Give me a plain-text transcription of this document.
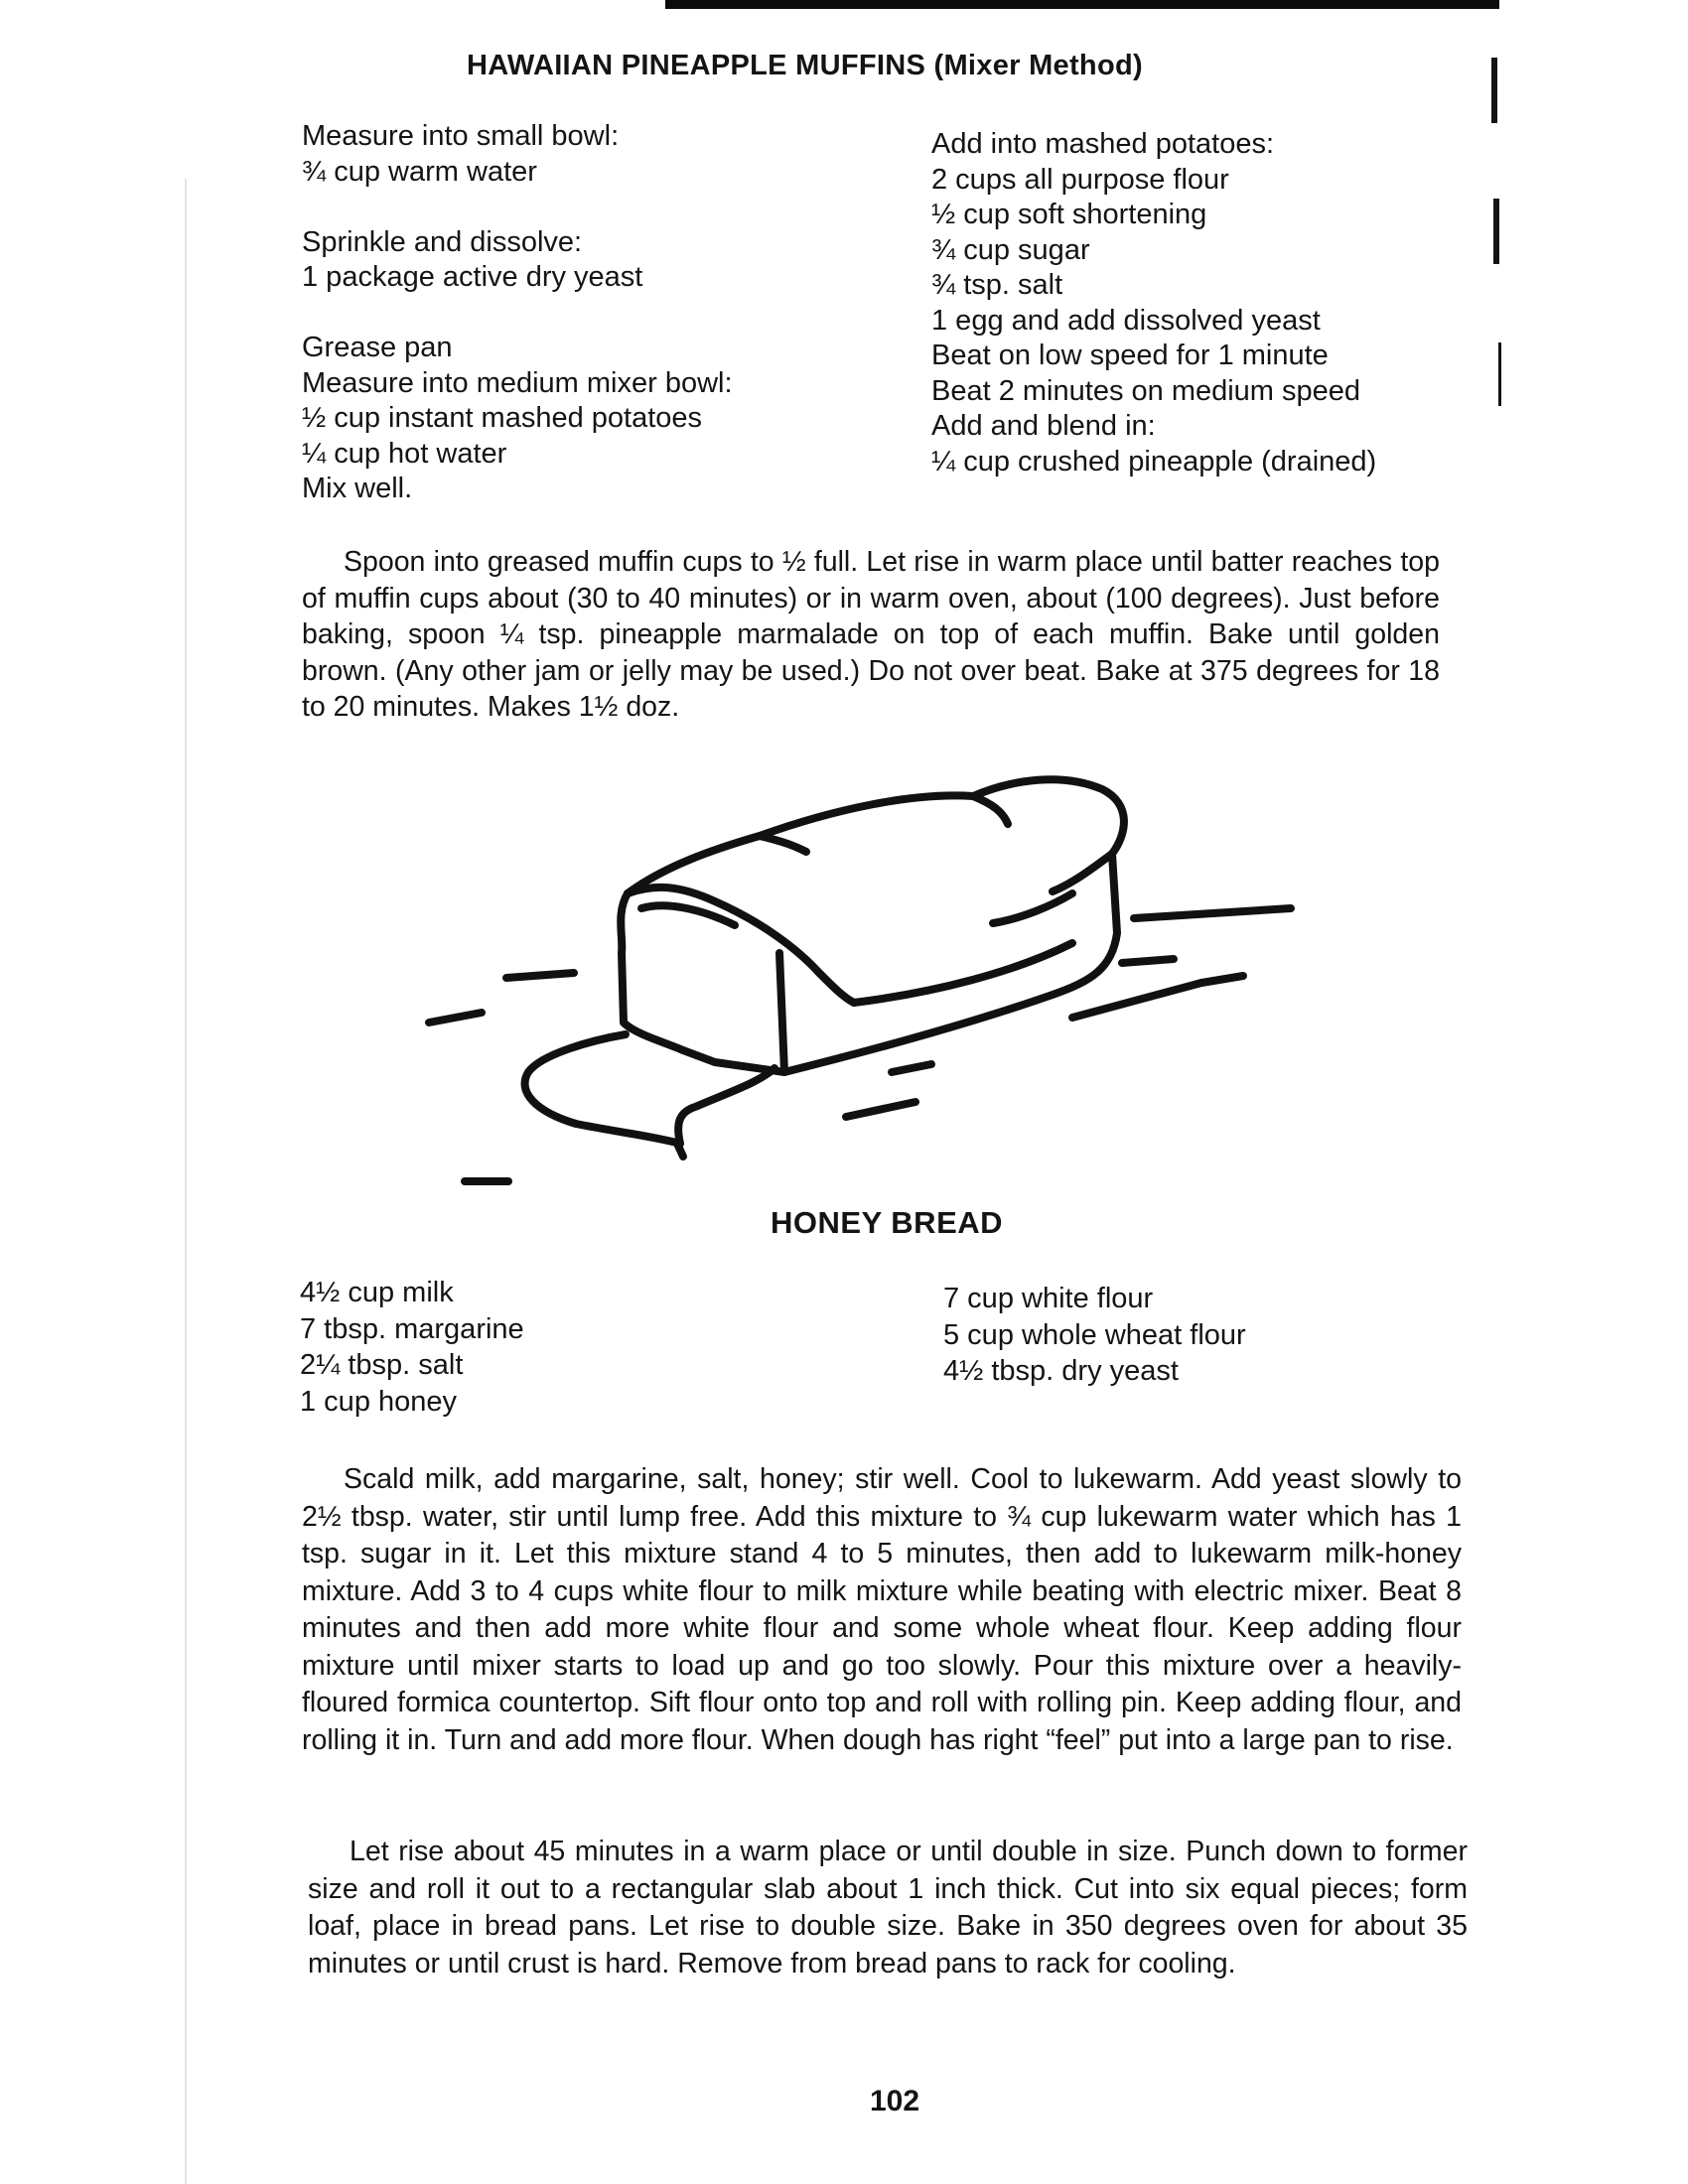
HAWAIIAN PINEAPPLE MUFFINS (Mixer Method)
Measure into small bowl:
¾ cup warm water
Sprinkle and dissolve:
1 package active dry yeast
Grease pan
Measure into medium mixer bowl:
½ cup instant mashed potatoes
¼ cup hot water
Mix well.
Add into mashed potatoes:
2 cups all purpose flour
½ cup soft shortening
¾ cup sugar
¾ tsp. salt
1 egg and add dissolved yeast
Beat on low speed for 1 minute
Beat 2 minutes on medium speed
Add and blend in:
¼ cup crushed pineapple (drained)
Spoon into greased muffin cups to ½ full. Let rise in warm place until batter reaches top of muffin cups about (30 to 40 minutes) or in warm oven, about (100 degrees). Just before baking, spoon ¼ tsp. pineapple marmalade on top of each muffin. Bake until golden brown. (Any other jam or jelly may be used.) Do not over beat. Bake at 375 degrees for 18 to 20 minutes. Makes 1½ doz.
HONEY BREAD
4½ cup milk
7 tbsp. margarine
2¼ tbsp. salt
1 cup honey
7 cup white flour
5 cup whole wheat flour
4½ tbsp. dry yeast
Scald milk, add margarine, salt, honey; stir well. Cool to lukewarm. Add yeast slowly to 2½ tbsp. water, stir until lump free. Add this mixture to ¾ cup lukewarm water which has 1 tsp. sugar in it. Let this mixture stand 4 to 5 minutes, then add to lukewarm milk-honey mixture. Add 3 to 4 cups white flour to milk mixture while beating with electric mixer. Beat 8 minutes and then add more white flour and some whole wheat flour. Keep adding flour mixture until mixer starts to load up and go too slowly. Pour this mixture over a heavily-floured formica countertop. Sift flour onto top and roll with rolling pin. Keep adding flour, and rolling it in. Turn and add more flour. When dough has right “feel” put into a large pan to rise.
Let rise about 45 minutes in a warm place or until double in size. Punch down to former size and roll it out to a rectangular slab about 1 inch thick. Cut into six equal pieces; form loaf, place in bread pans. Let rise to double size. Bake in 350 degrees oven for about 35 minutes or until crust is hard. Remove from bread pans to rack for cooling.
102
